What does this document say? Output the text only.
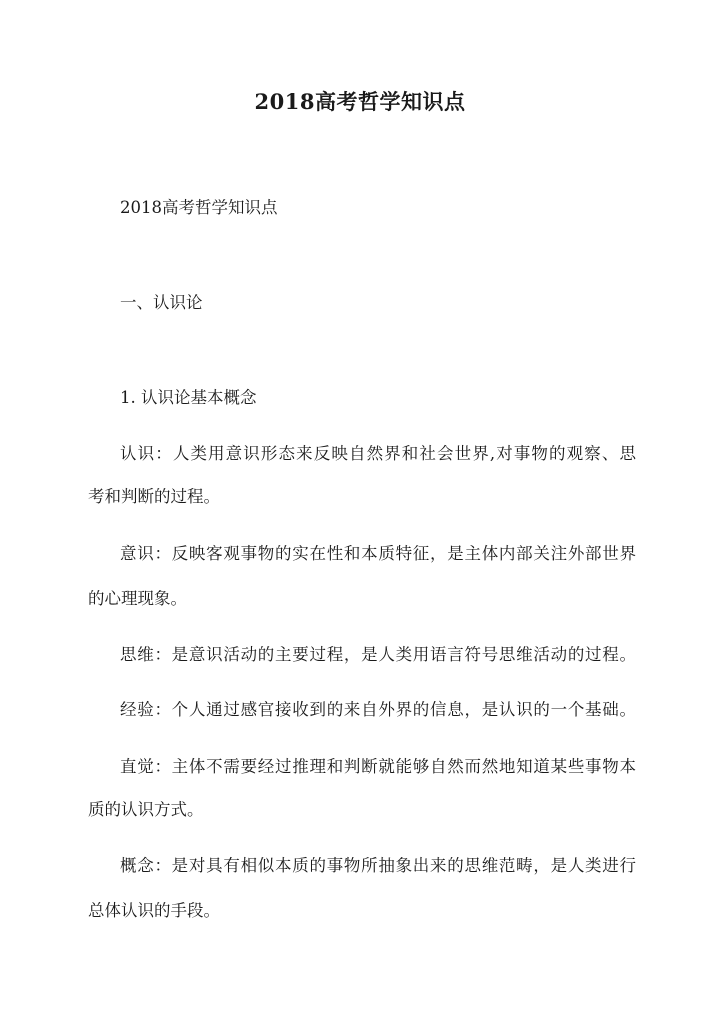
2018高考哲学知识点
2018高考哲学知识点
一、认识论
1. 认识论基本概念
认识：人类用意识形态来反映自然界和社会世界,对事物的观察、思
考和判断的过程。
意识：反映客观事物的实在性和本质特征，是主体内部关注外部世界
的心理现象。
思维：是意识活动的主要过程，是人类用语言符号思维活动的过程。
经验：个人通过感官接收到的来自外界的信息，是认识的一个基础。
直觉：主体不需要经过推理和判断就能够自然而然地知道某些事物本
质的认识方式。
概念：是对具有相似本质的事物所抽象出来的思维范畴，是人类进行
总体认识的手段。
